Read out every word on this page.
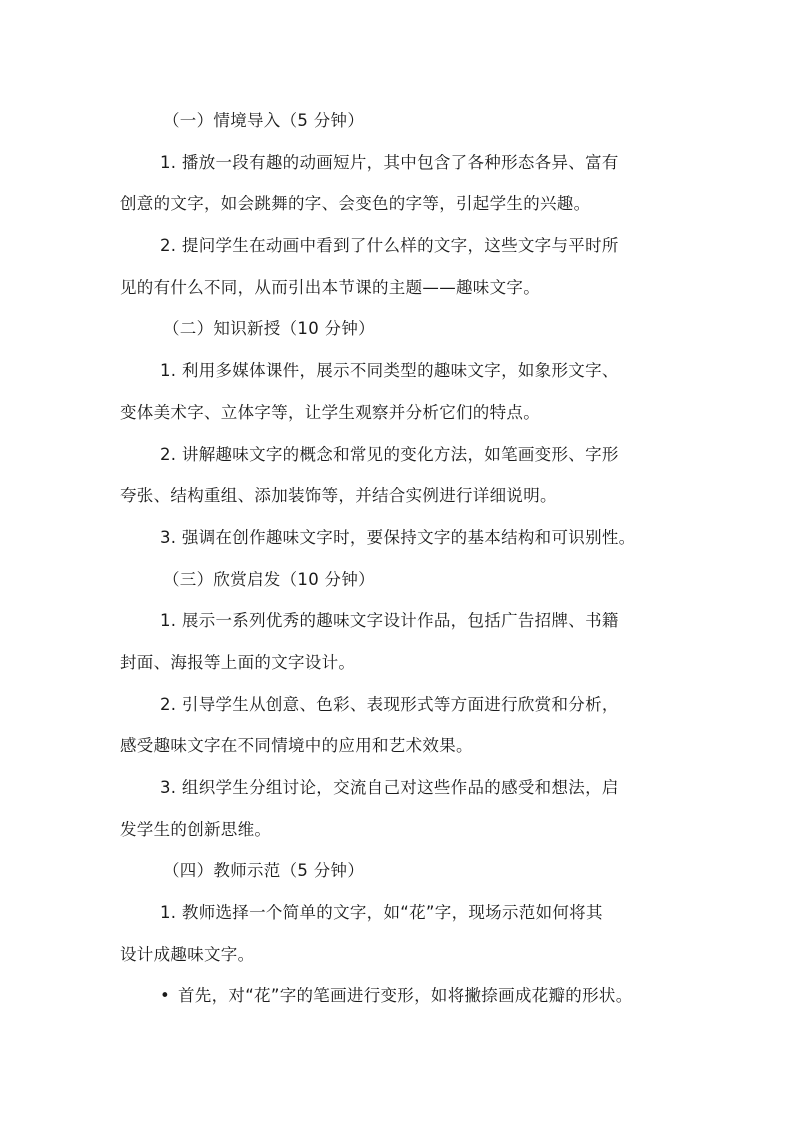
（一）情境导入（5 分钟）
1. 播放一段有趣的动画短片，其中包含了各种形态各异、富有
创意的文字，如会跳舞的字、会变色的字等，引起学生的兴趣。
2. 提问学生在动画中看到了什么样的文字，这些文字与平时所
见的有什么不同，从而引出本节课的主题——趣味文字。
（二）知识新授（10 分钟）
1. 利用多媒体课件，展示不同类型的趣味文字，如象形文字、
变体美术字、立体字等，让学生观察并分析它们的特点。
2. 讲解趣味文字的概念和常见的变化方法，如笔画变形、字形
夸张、结构重组、添加装饰等，并结合实例进行详细说明。
3. 强调在创作趣味文字时，要保持文字的基本结构和可识别性。
（三）欣赏启发（10 分钟）
1. 展示一系列优秀的趣味文字设计作品，包括广告招牌、书籍
封面、海报等上面的文字设计。
2. 引导学生从创意、色彩、表现形式等方面进行欣赏和分析，
感受趣味文字在不同情境中的应用和艺术效果。
3. 组织学生分组讨论，交流自己对这些作品的感受和想法，启
发学生的创新思维。
（四）教师示范（5 分钟）
1. 教师选择一个简单的文字，如“花”字，现场示范如何将其
设计成趣味文字。
• 首先，对“花”字的笔画进行变形，如将撇捺画成花瓣的形状。
